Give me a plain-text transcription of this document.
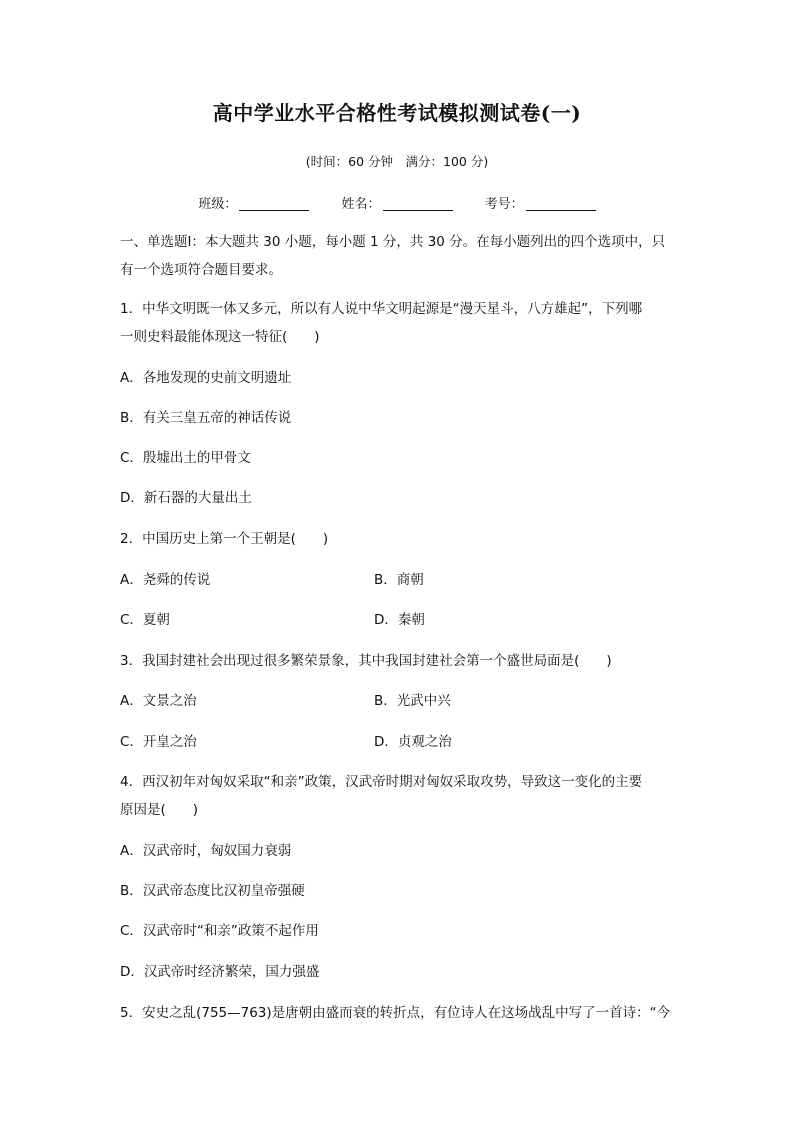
高中学业水平合格性考试模拟测试卷(一)
(时间：60 分钟　满分：100 分)
班级：	姓名：	考号：
一、单选题Ⅰ：本大题共 30 小题，每小题 1 分，共 30 分。在每小题列出的四个选项中，只
有一个选项符合题目要求。
1．中华文明既一体又多元，所以有人说中华文明起源是“漫天星斗，八方雄起”，下列哪
一则史料最能体现这一特征(　　)
A．各地发现的史前文明遗址
B．有关三皇五帝的神话传说
C．殷墟出土的甲骨文
D．新石器的大量出土
2．中国历史上第一个王朝是(　　)
A．尧舜的传说	B．商朝
C．夏朝	D．秦朝
3．我国封建社会出现过很多繁荣景象，其中我国封建社会第一个盛世局面是(　　)
A．文景之治	B．光武中兴
C．开皇之治	D．贞观之治
4．西汉初年对匈奴采取“和亲”政策，汉武帝时期对匈奴采取攻势，导致这一变化的主要
原因是(　　)
A．汉武帝时，匈奴国力衰弱
B．汉武帝态度比汉初皇帝强硬
C．汉武帝时“和亲”政策不起作用
D．汉武帝时经济繁荣，国力强盛
5．安史之乱(755—763)是唐朝由盛而衰的转折点，有位诗人在这场战乱中写了一首诗：“今
